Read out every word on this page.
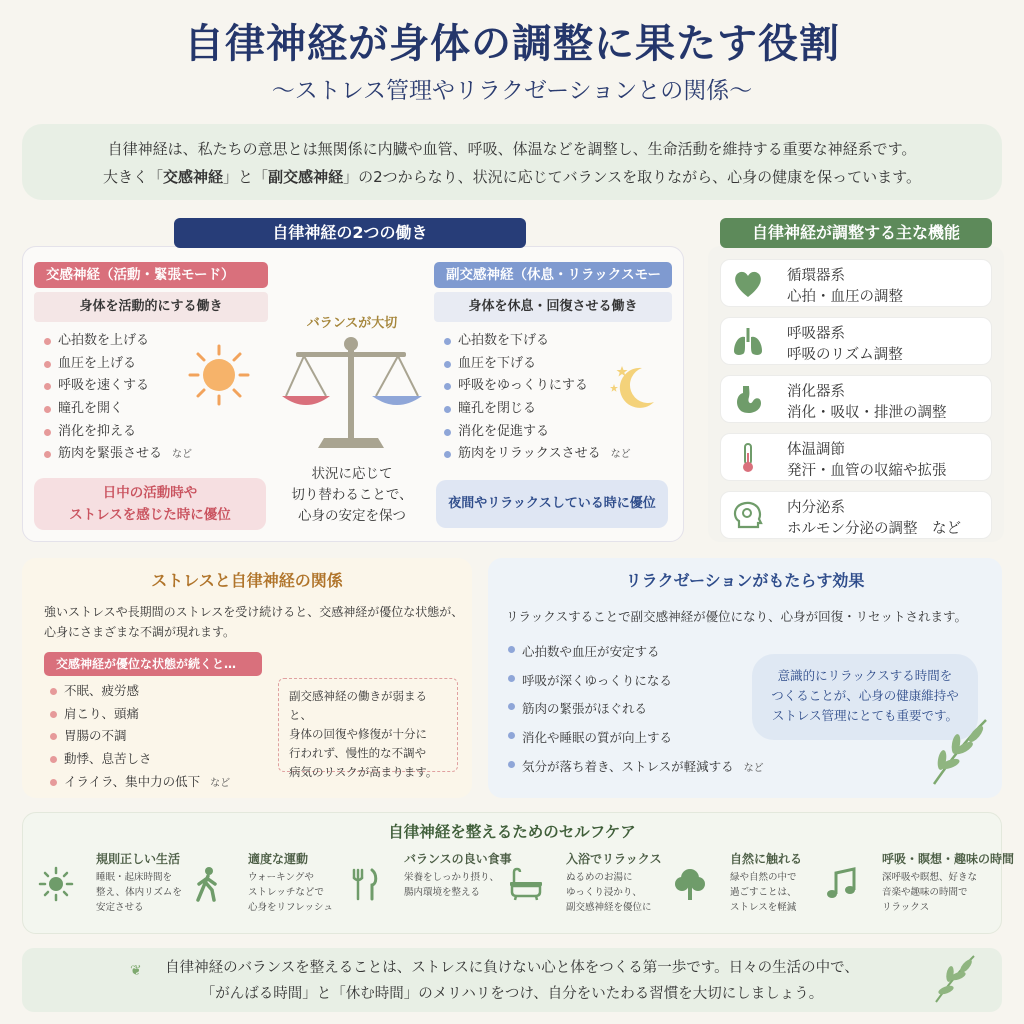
自律神経が身体の調整に果たす役割
〜ストレス管理やリラクゼーションとの関係〜
自律神経は、私たちの意思とは無関係に内臓や血管、呼吸、体温などを調整し、生命活動を維持する重要な神経系です。
大きく「交感神経」と「副交感神経」の2つからなり、状況に応じてバランスを取りながら、心身の健康を保っています。
自律神経の2つの働き
交感神経（活動・緊張モード）
身体を活動的にする働き
心拍数を上げる
血圧を上げる
呼吸を速くする
瞳孔を開く
消化を抑える
筋肉を緊張させる　など
日中の活動時や
ストレスを感じた時に優位
バランスが大切
状況に応じて
切り替わることで、
心身の安定を保つ
副交感神経（休息・リラックスモー
身体を休息・回復させる働き
心拍数を下げる
血圧を下げる
呼吸をゆっくりにする
瞳孔を閉じる
消化を促進する
筋肉をリラックスさせる　など
夜間やリラックスしている時に優位
自律神経が調整する主な機能
循環器系
心拍・血圧の調整
呼吸器系
呼吸のリズム調整
消化器系
消化・吸収・排泄の調整
体温調節
発汗・血管の収縮や拡張
内分泌系
ホルモン分泌の調整　など
ストレスと自律神経の関係
強いストレスや長期間のストレスを受け続けると、交感神経が優位な状態が、
心身にさまざまな不調が現れます。
交感神経が優位な状態が続くと…
不眠、疲労感
肩こり、頭痛
胃腸の不調
動悸、息苦しさ
イライラ、集中力の低下　など
副交感神経の働きが弱まると、
身体の回復や修復が十分に
行われず、慢性的な不調や
病気のリスクが高まります。
リラクゼーションがもたらす効果
リラックスすることで副交感神経が優位になり、心身が回復・リセットされます。
心拍数や血圧が安定する
呼吸が深くゆっくりになる
筋肉の緊張がほぐれる
消化や睡眠の質が向上する
気分が落ち着き、ストレスが軽減する　など
意識的にリラックスする時間を
つくることが、心身の健康維持や
ストレス管理にとても重要です。
自律神経を整えるためのセルフケア
規則正しい生活
睡眠・起床時間を
整え、体内リズムを
安定させる
適度な運動
ウォーキングや
ストレッチなどで
心身をリフレッシュ
バランスの良い食事
栄養をしっかり摂り、
腸内環境を整える
入浴でリラックス
ぬるめのお湯に
ゆっくり浸かり、
副交感神経を優位に
自然に触れる
緑や自然の中で
過ごすことは、
ストレスを軽減
呼吸・瞑想・趣味の時間
深呼吸や瞑想、好きな
音楽や趣味の時間で
リラックス
❦ 自律神経のバランスを整えることは、ストレスに負けない心と体をつくる第一歩です。日々の生活の中で、
「がんばる時間」と「休む時間」のメリハリをつけ、自分をいたわる習慣を大切にしましょう。
